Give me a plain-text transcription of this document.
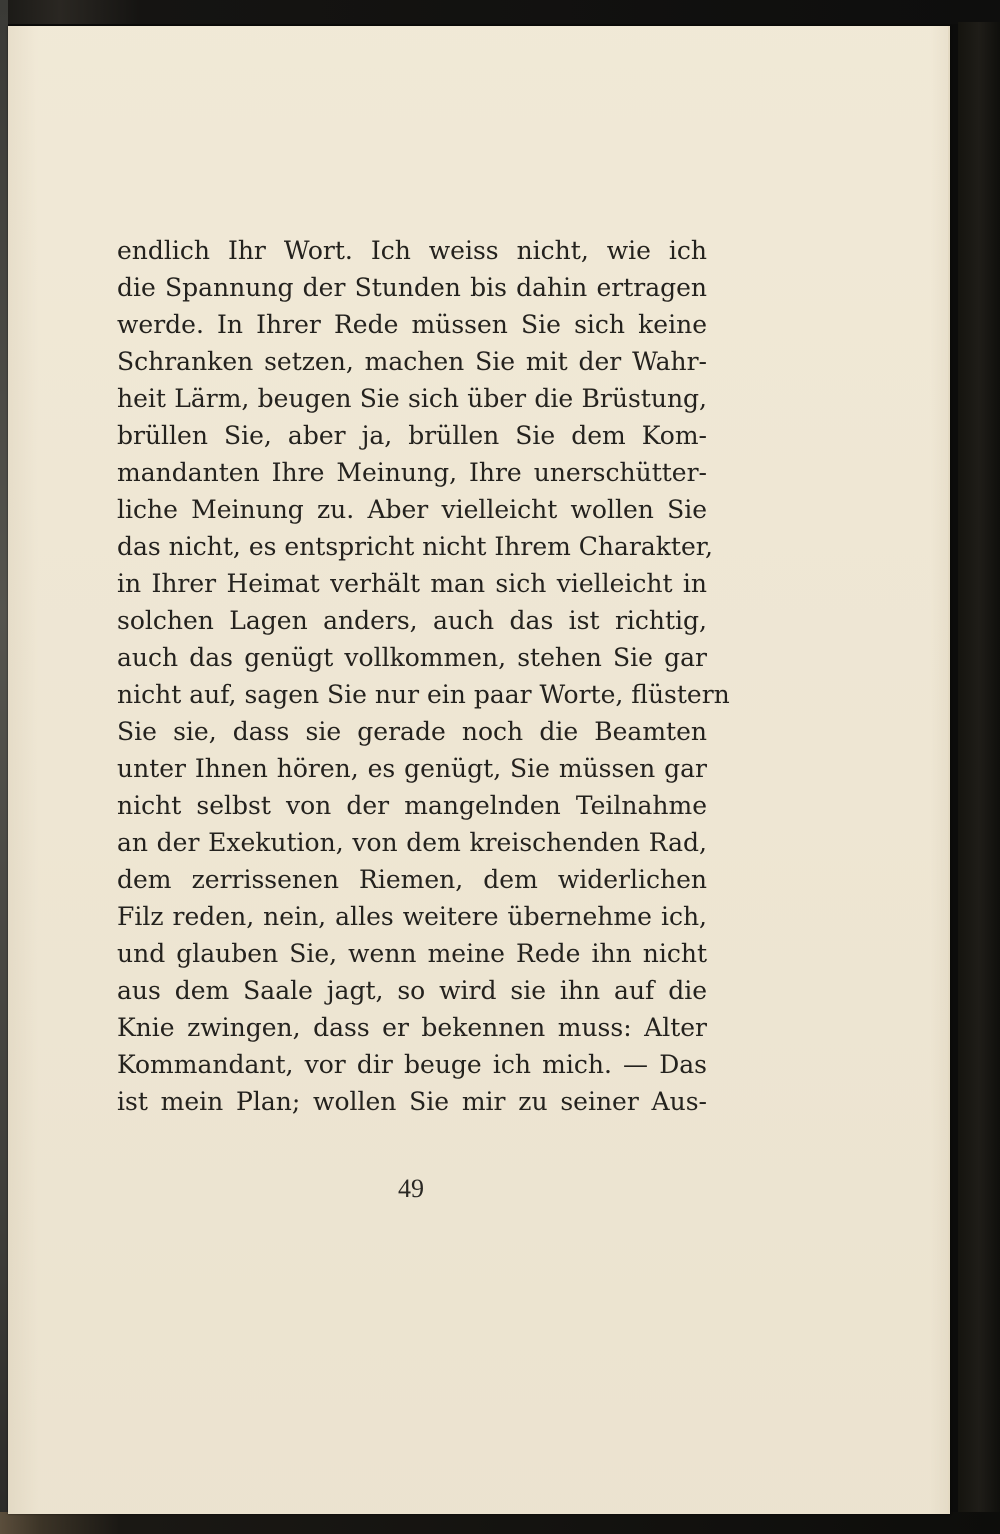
endlich Ihr Wort. Ich weiss nicht, wie ich
die Spannung der Stunden bis dahin ertragen
werde. In Ihrer Rede müssen Sie sich keine
Schranken setzen, machen Sie mit der Wahr-
heit Lärm, beugen Sie sich über die Brüstung,
brüllen Sie, aber ja, brüllen Sie dem Kom-
mandanten Ihre Meinung, Ihre unerschütter-
liche Meinung zu. Aber vielleicht wollen Sie
das nicht, es entspricht nicht Ihrem Charakter,
in Ihrer Heimat verhält man sich vielleicht in
solchen Lagen anders, auch das ist richtig,
auch das genügt vollkommen, stehen Sie gar
nicht auf, sagen Sie nur ein paar Worte, flüstern
Sie sie, dass sie gerade noch die Beamten
unter Ihnen hören, es genügt, Sie müssen gar
nicht selbst von der mangelnden Teilnahme
an der Exekution, von dem kreischenden Rad,
dem zerrissenen Riemen, dem widerlichen
Filz reden, nein, alles weitere übernehme ich,
und glauben Sie, wenn meine Rede ihn nicht
aus dem Saale jagt, so wird sie ihn auf die
Knie zwingen, dass er bekennen muss: Alter
Kommandant, vor dir beuge ich mich. — Das
ist mein Plan; wollen Sie mir zu seiner Aus-
49
